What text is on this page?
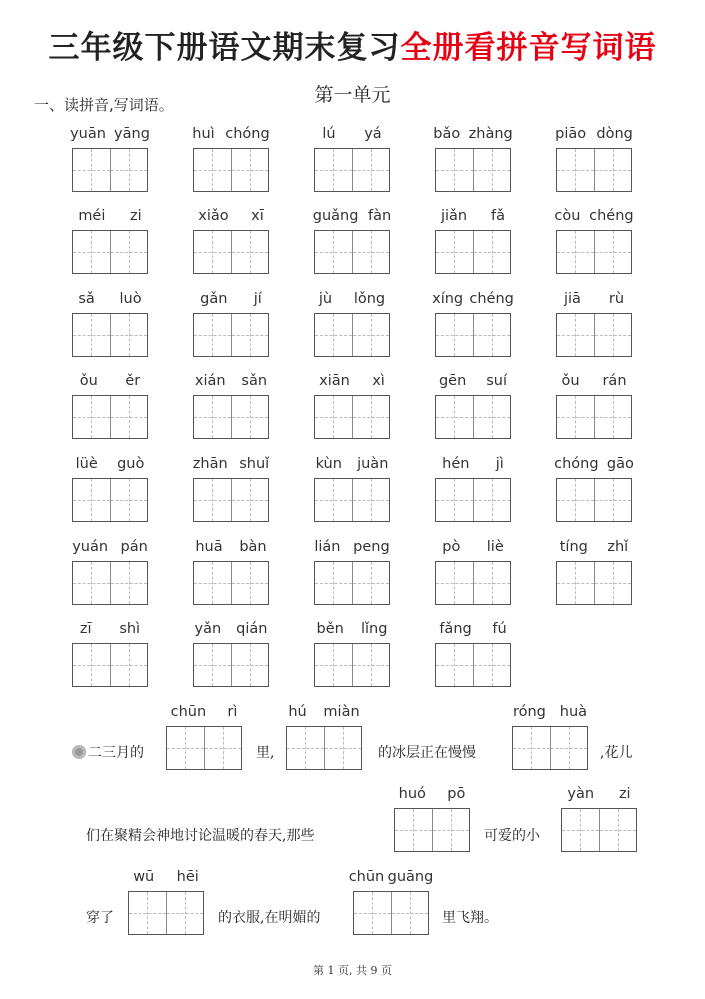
三年级下册语文期末复习全册看拼音写词语
第一单元
一、读拼音,写词语。
yuān yāng	huì chóng	lú yá	bǎo zhàng	piāo dòng
méi zi	xiǎo xī	guǎng fàn	jiǎn fǎ	còu chéng
sǎ luò	gǎn jí	jù lǒng	xíng chéng	jiā rù
ǒu ěr	xián sǎn	xiān xì	gēn suí	ǒu rán
lüè guò	zhān shuǐ	kùn juàn	hén jì	chóng gāo
yuán pán	huā bàn	lián peng	pò liè	tíng zhǐ
zī shì	yǎn qián	běn lǐng	fǎng fú
二三月的
chūn rì
里,
hú miàn
的冰层正在慢慢
róng huà
,花儿
们在聚精会神地讨论温暖的春天,那些
huó pō
可爱的小
yàn zi
穿了
wū hēi
的衣服,在明媚的
chūn guāng
里飞翔。
第 1 页, 共 9 页
